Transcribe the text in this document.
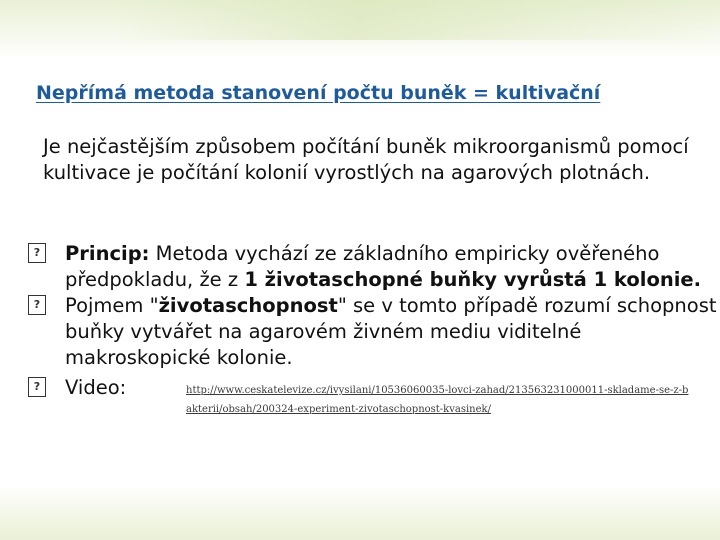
Nepřímá metoda stanovení počtu buněk = kultivační
Je nejčastějším způsobem počítání buněk mikroorganismů pomocí kultivace je počítání kolonií vyrostlých na agarových plotnách.
?
Princip: Metoda vychází ze základního empiricky ověřeného předpokladu, že z 1 životaschopné buňky vyrůstá 1 kolonie.
?
Pojmem "životaschopnost" se v tomto případě rozumí schopnost buňky vytvářet na agarovém živném mediu viditelné makroskopické kolonie.
?
Video:	http://www.ceskatelevize.cz/ivysilani/10536060035-lovci-zahad/213563231000011-skladame-se-z-bakterii/obsah/200324-experiment-zivotaschopnost-kvasinek/
